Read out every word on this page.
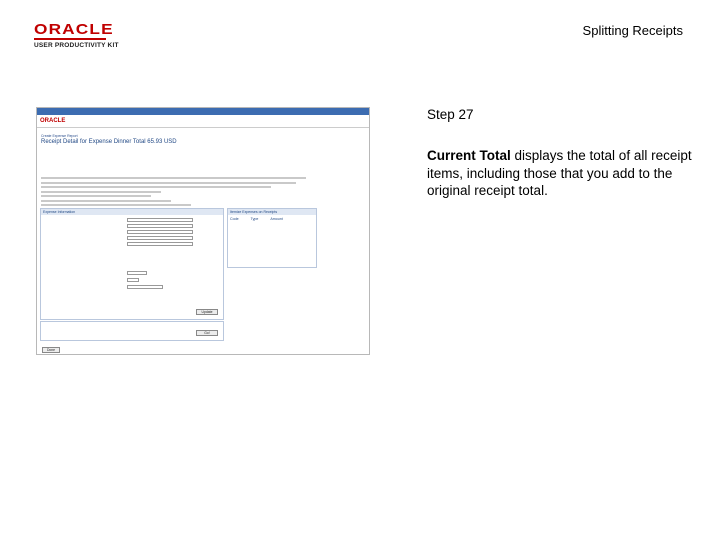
ORACLE
USER PRODUCTIVITY KIT
Splitting Receipts
ORACLE
Create Expense Report
Receipt Detail for Expense Dinner Total 65.93 USD
Expense Information
Update
Itemize Expenses on Receipts
Code	Type	Amount
Go!
Done
Step 27
Current Total displays the total of all receipt items, including those that you add to the original receipt total.
